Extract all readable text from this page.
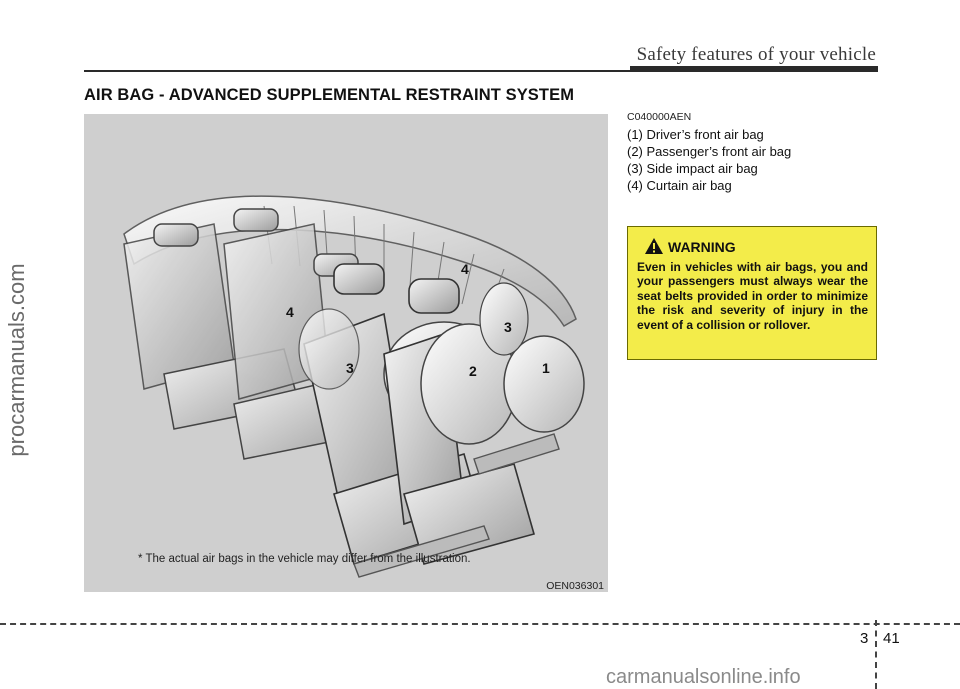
Safety features of your vehicle
AIR BAG - ADVANCED SUPPLEMENTAL RESTRAINT SYSTEM
4
4
3
3	2	1
* The actual air bags in the vehicle may differ from the illustration.
OEN036301
C040000AEN
(1) Driver’s front air bag
(2) Passenger’s front air bag
(3) Side impact air bag
(4) Curtain air bag
WARNING
Even in vehicles with air bags, you and your passengers must always wear the seat belts provided in order to minimize the risk and severity of injury in the event of a collision or rollover.
procarmanuals.com
3 41
carmanualsonline.info
